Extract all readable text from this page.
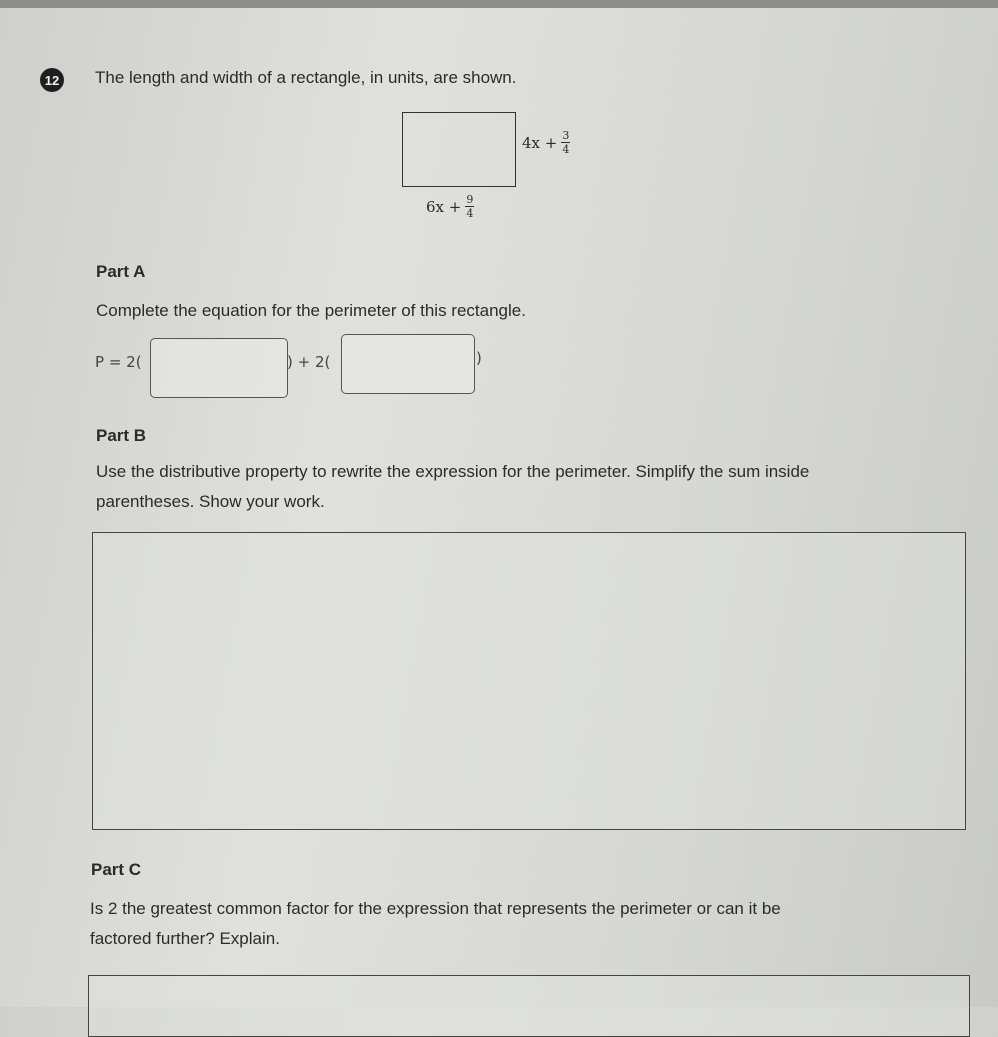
12 The length and width of a rectangle, in units, are shown.
$4x + \frac{3}{4}$
$6x + \frac{9}{4}$
Part A
Complete the equation for the perimeter of this rectangle.
P = 2(	) + 2(	)
Part B
Use the distributive property to rewrite the expression for the perimeter. Simplify the sum inside
parentheses. Show your work.
Part C
Is 2 the greatest common factor for the expression that represents the perimeter or can it be
factored further? Explain.
